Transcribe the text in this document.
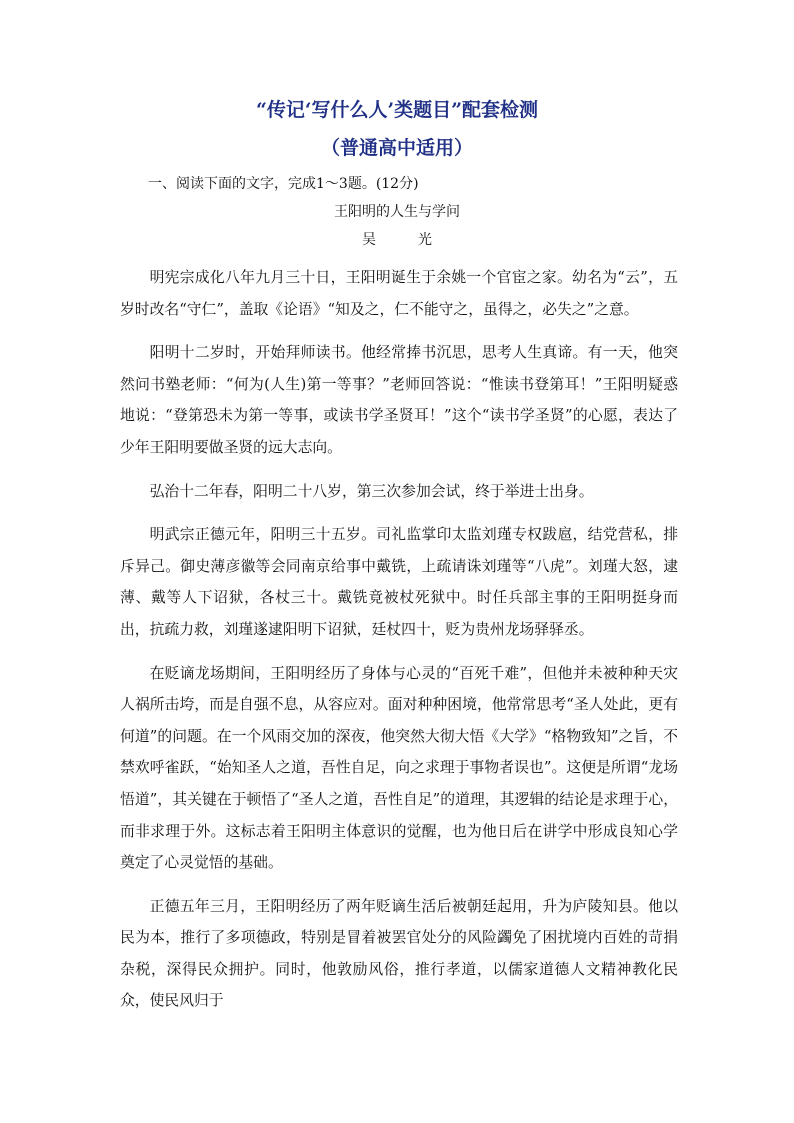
“传记‘写什么人’类题目”配套检测
（普通高中适用）
一、阅读下面的文字，完成1～3题。(12分)
王阳明的人生与学问
吴　光

明宪宗成化八年九月三十日，王阳明诞生于余姚一个官宦之家。幼名为“云”，五岁时改名“守仁”，盖取《论语》“知及之，仁不能守之，虽得之，必失之”之意。

阳明十二岁时，开始拜师读书。他经常捧书沉思，思考人生真谛。有一天，他突然问书塾老师：“何为(人生)第一等事？”老师回答说：“惟读书登第耳！”王阳明疑惑地说：“登第恐未为第一等事，或读书学圣贤耳！”这个“读书学圣贤”的心愿，表达了少年王阳明要做圣贤的远大志向。

弘治十二年春，阳明二十八岁，第三次参加会试，终于举进士出身。

明武宗正德元年，阳明三十五岁。司礼监掌印太监刘瑾专权跋扈，结党营私，排斥异己。御史薄彦徽等会同南京给事中戴铣，上疏请诛刘瑾等“八虎”。刘瑾大怒，逮薄、戴等人下诏狱，各杖三十。戴铣竟被杖死狱中。时任兵部主事的王阳明挺身而出，抗疏力救，刘瑾遂逮阳明下诏狱，廷杖四十，贬为贵州龙场驿驿丞。

在贬谪龙场期间，王阳明经历了身体与心灵的“百死千难”，但他并未被种种天灾人祸所击垮，而是自强不息，从容应对。面对种种困境，他常常思考“圣人处此，更有何道”的问题。在一个风雨交加的深夜，他突然大彻大悟《大学》“格物致知”之旨，不禁欢呼雀跃，“始知圣人之道，吾性自足，向之求理于事物者误也”。这便是所谓“龙场悟道”，其关键在于顿悟了“圣人之道，吾性自足”的道理，其逻辑的结论是求理于心，而非求理于外。这标志着王阳明主体意识的觉醒，也为他日后在讲学中形成良知心学奠定了心灵觉悟的基础。

正德五年三月，王阳明经历了两年贬谪生活后被朝廷起用，升为庐陵知县。他以民为本，推行了多项德政，特别是冒着被罢官处分的风险蠲免了困扰境内百姓的苛捐杂税，深得民众拥护。同时，他敦励风俗，推行孝道，以儒家道德人文精神教化民众，使民风归于
